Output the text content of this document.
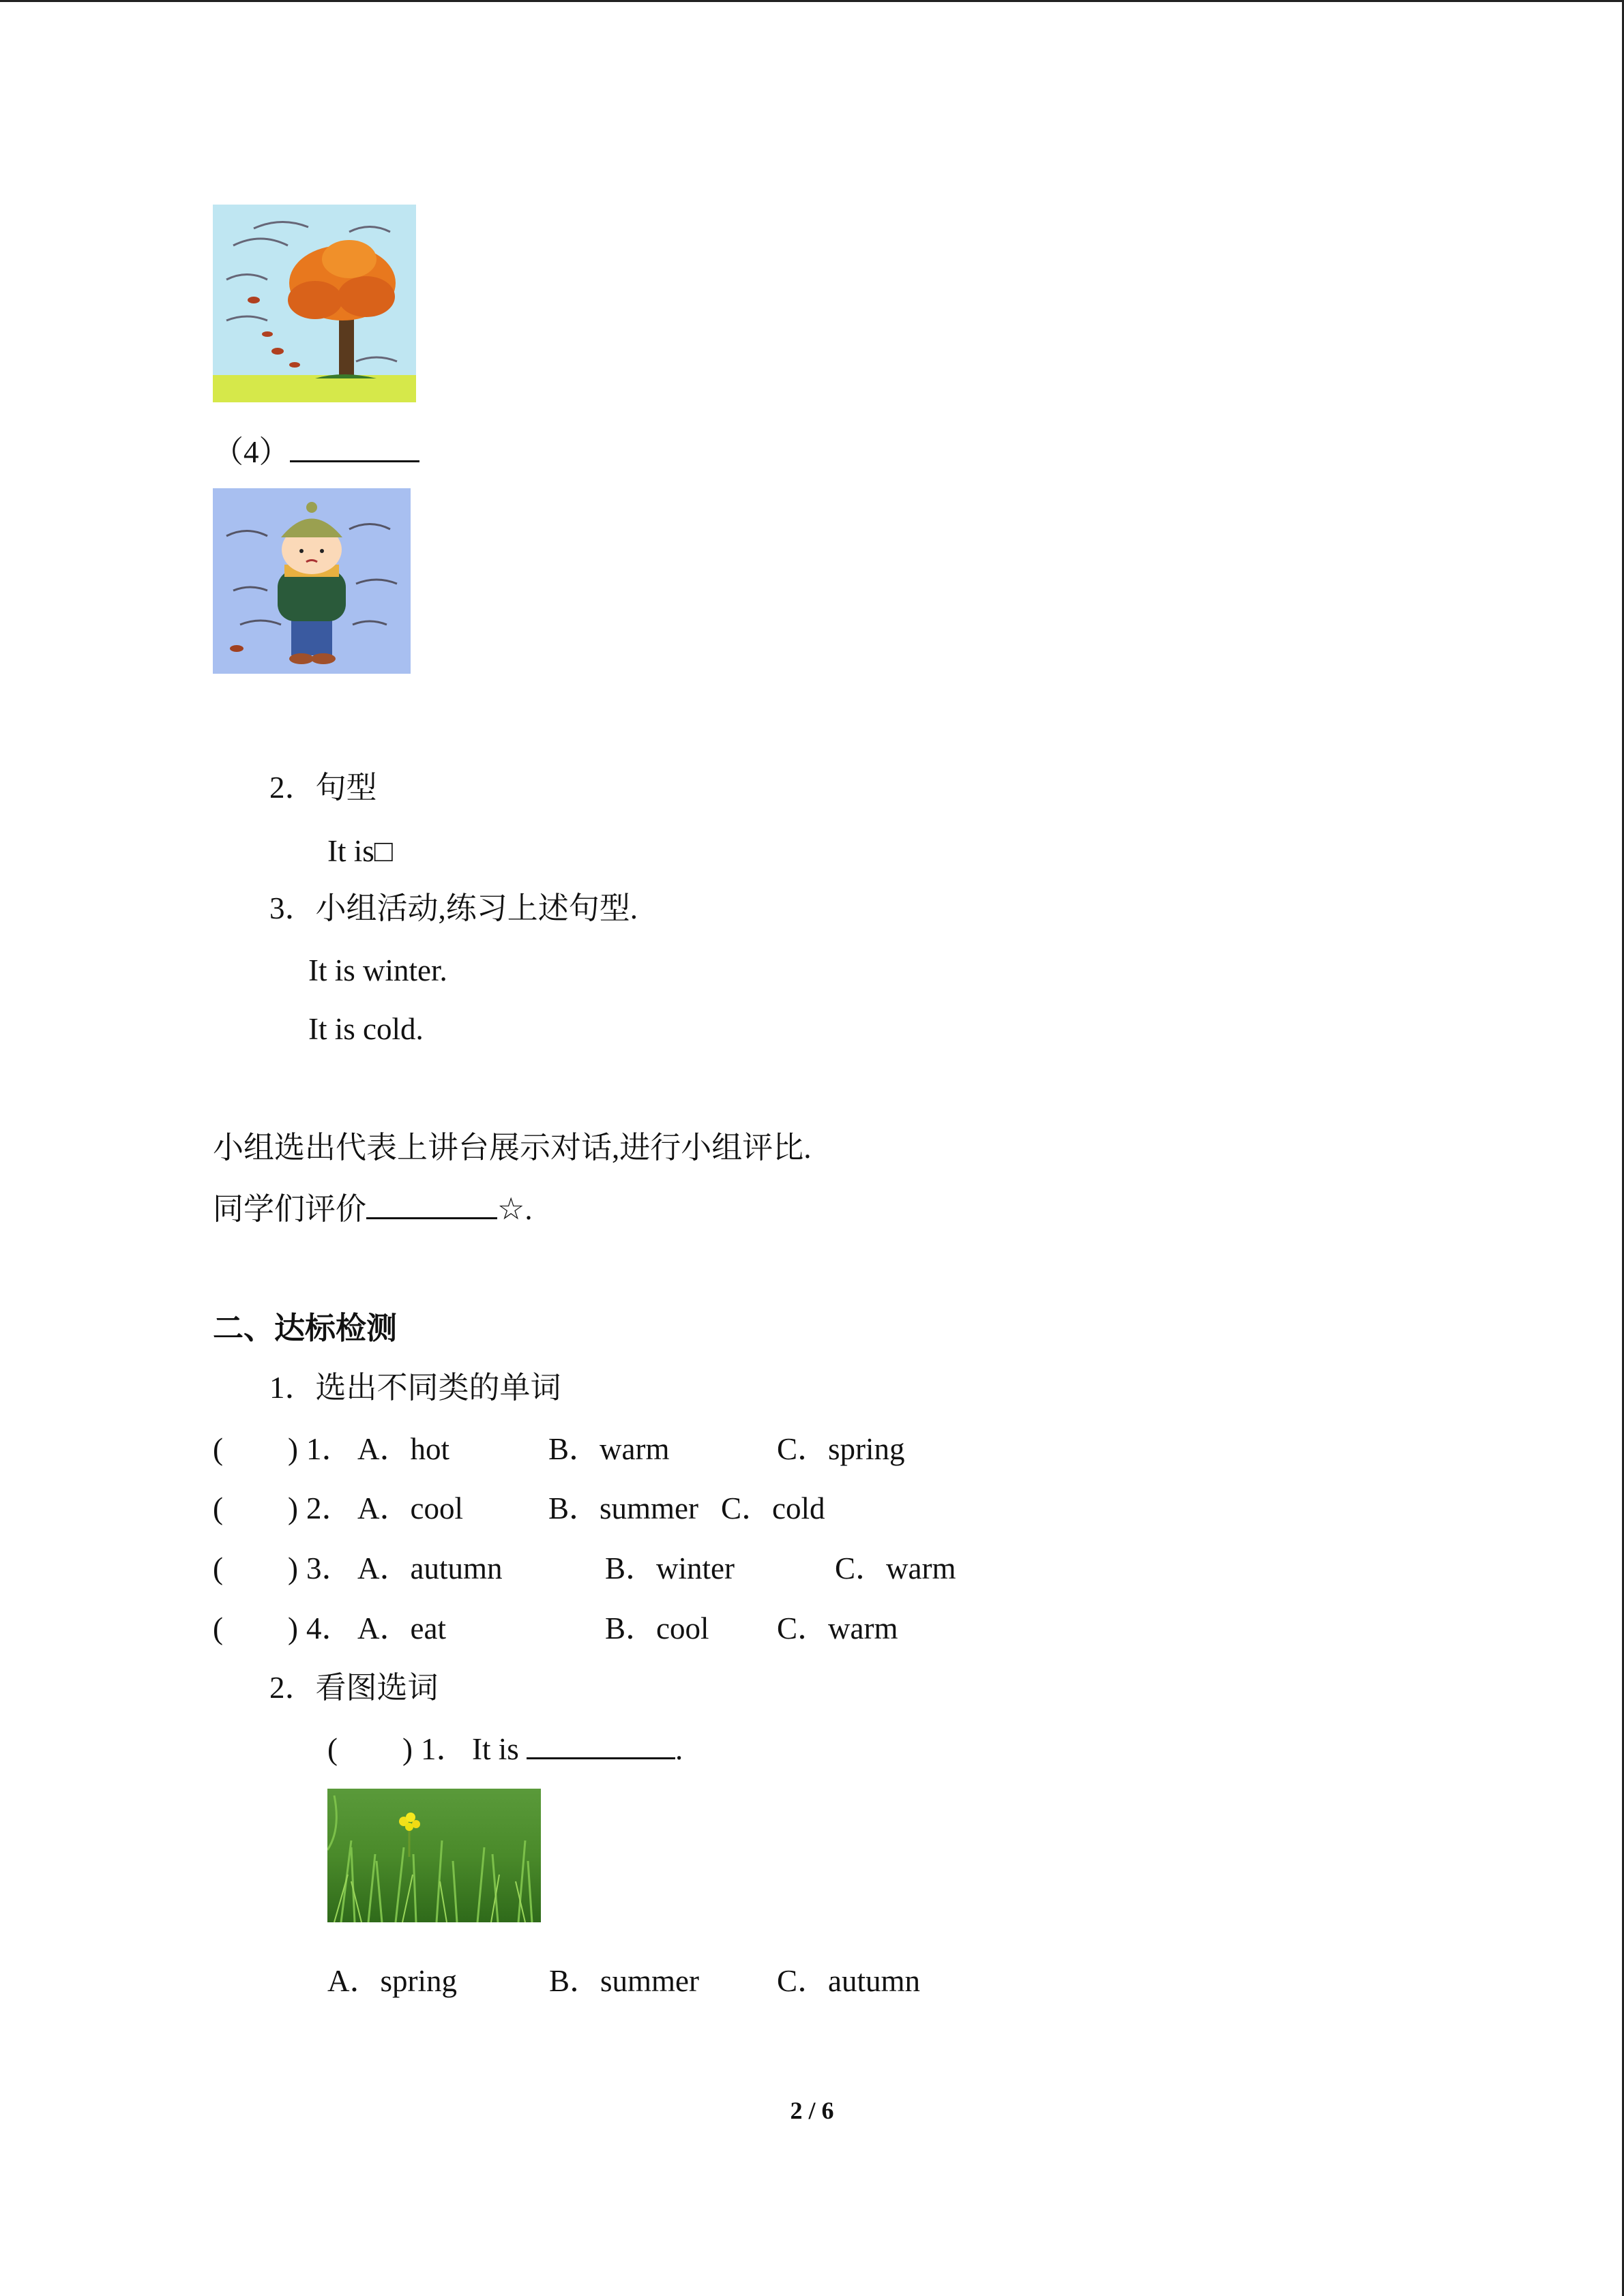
（4）
2．句型
It is□
3．小组活动,练习上述句型.
It is winter.
It is cold.
小组选出代表上讲台展示对话,进行小组评比.
同学们评价	☆.
二、达标检测
1．选出不同类的单词
( ) 1． A．hot	B．warm	C．spring
( ) 2． A．cool	B．summer C．cold
( ) 3． A．autumn	B．winter	C．warm
( ) 4． A．eat	B．cool C．warm
2．看图选词
( ) 1． It is	.
A．spring	B．summer	C．autumn
2 / 6
